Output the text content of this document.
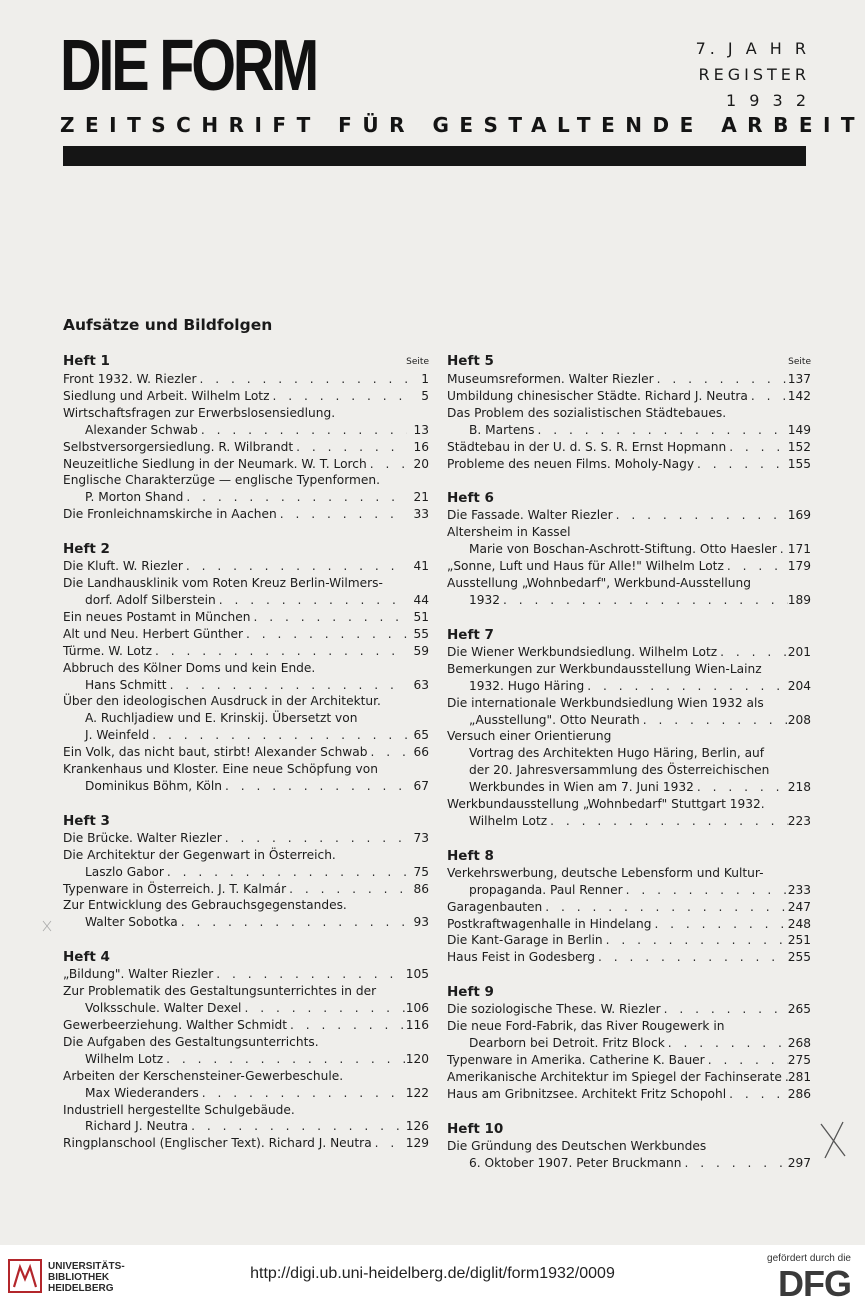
DIE FORM	7. J A H R
REGISTER
1 9 3 2
ZEITSCHRIFT FÜR GESTALTENDE ARBEIT
Aufsätze und Bildfolgen
Heft 1	Seite
Front 1932. W. Riezler . . .	1
Siedlung und Arbeit. Wilhelm Lotz . . .	5
Wirtschaftsfragen zur Erwerbslosensiedlung.
Alexander Schwab . . .	13
Selbstversorgersiedlung. R. Wilbrandt . . .	16
Neuzeitliche Siedlung in der Neumark. W. T. Lorch . . .	20
Englische Charakterzüge — englische Typenformen.
P. Morton Shand . . .	21
Die Fronleichnamskirche in Aachen . . .	33
Heft 2
Die Kluft. W. Riezler . . .	41
Die Landhausklinik vom Roten Kreuz Berlin-Wilmers-
dorf. Adolf Silberstein . . .	44
Ein neues Postamt in München . . .	51
Alt und Neu. Herbert Günther . . .	55
Türme. W. Lotz . . .	59
Abbruch des Kölner Doms und kein Ende.
Hans Schmitt . . .	63
Über den ideologischen Ausdruck in der Architektur.
A. Ruchljadiew und E. Krinskij. Übersetzt von
J. Weinfeld . . .	65
Ein Volk, das nicht baut, stirbt! Alexander Schwab . . .	66
Krankenhaus und Kloster. Eine neue Schöpfung von
Dominikus Böhm, Köln . . .	67
Heft 3
Die Brücke. Walter Riezler . . .	73
Die Architektur der Gegenwart in Österreich.
Laszlo Gabor . . .	75
Typenware in Österreich. J. T. Kalmár . . .	86
Zur Entwicklung des Gebrauchsgegenstandes.
Walter Sobotka . . .	93
Heft 4
„Bildung". Walter Riezler . . .	105
Zur Problematik des Gestaltungsunterrichtes in der
Volksschule. Walter Dexel . . .	106
Gewerbeerziehung. Walther Schmidt . . .	116
Die Aufgaben des Gestaltungsunterrichts.
Wilhelm Lotz . . .	120
Arbeiten der Kerschensteiner-Gewerbeschule.
Max Wiederanders . . .	122
Industriell hergestellte Schulgebäude.
Richard J. Neutra . . .	126
Ringplanschool (Englischer Text). Richard J. Neutra . . .	129
Heft 5	Seite
Museumsreformen. Walter Riezler . . .	137
Umbildung chinesischer Städte. Richard J. Neutra . . .	142
Das Problem des sozialistischen Städtebaues.
B. Martens . . .	149
Städtebau in der U. d. S. S. R. Ernst Hopmann . . .	152
Probleme des neuen Films. Moholy-Nagy . . .	155
Heft 6
Die Fassade. Walter Riezler . . .	169
Altersheim in Kassel
Marie von Boschan-Aschrott-Stiftung. Otto Haesler . . . 171
„Sonne, Luft und Haus für Alle!" Wilhelm Lotz . . .	179
Ausstellung „Wohnbedarf", Werkbund-Ausstellung
1932 . . .	189
Heft 7
Die Wiener Werkbundsiedlung. Wilhelm Lotz . . .	201
Bemerkungen zur Werkbundausstellung Wien-Lainz
1932. Hugo Häring . . .	204
Die internationale Werkbundsiedlung Wien 1932 als
„Ausstellung". Otto Neurath . . .	208
Versuch einer Orientierung
Vortrag des Architekten Hugo Häring, Berlin, auf
der 20. Jahresversammlung des Österreichischen
Werkbundes in Wien am 7. Juni 1932 . . .	218
Werkbundausstellung „Wohnbedarf" Stuttgart 1932.
Wilhelm Lotz . . .	223
Heft 8
Verkehrswerbung, deutsche Lebensform und Kultur-
propaganda. Paul Renner . . .	233
Garagenbauten . . .	247
Postkraftwagenhalle in Hindelang . . .	248
Die Kant-Garage in Berlin . . .	251
Haus Feist in Godesberg . . .	255
Heft 9
Die soziologische These. W. Riezler . . .	265
Die neue Ford-Fabrik, das River Rougewerk in
Dearborn bei Detroit. Fritz Block . . .	268
Typenware in Amerika. Catherine K. Bauer . . .	275
Amerikanische Architektur im Spiegel der Fachinserate . . . 281
Haus am Gribnitzsee. Architekt Fritz Schopohl . . .	286
Heft 10
Die Gründung des Deutschen Werkbundes
6. Oktober 1907. Peter Bruckmann . . .	297
UNIVERSITÄTS-
BIBLIOTHEK
HEIDELBERG
http://digi.ub.uni-heidelberg.de/diglit/form1932/0009
gefördert durch die
DFG
